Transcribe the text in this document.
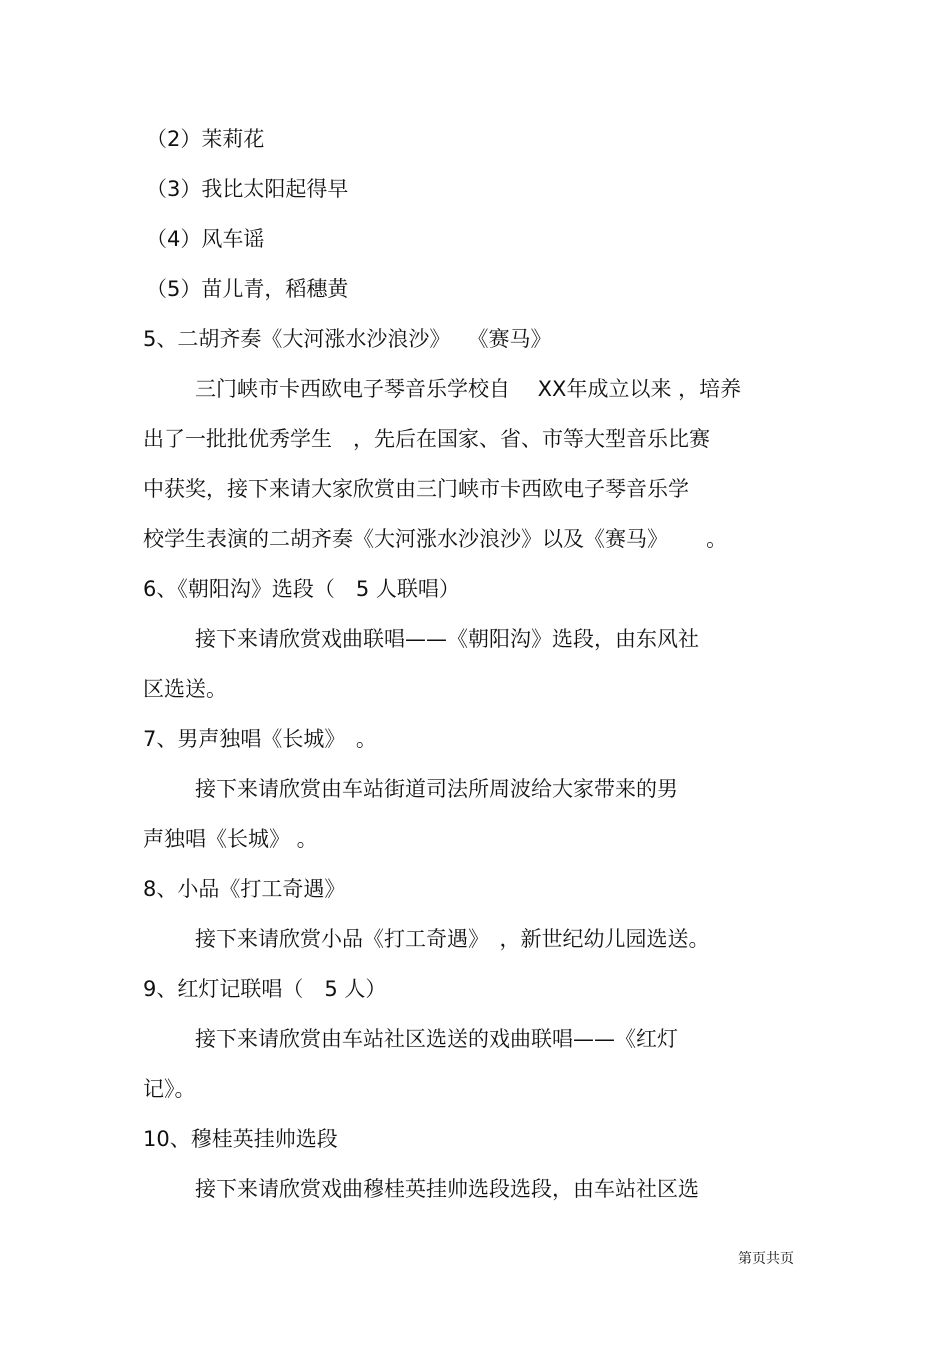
（2）茉莉花
（3）我比太阳起得早
（4）风车谣
（5）苗儿青，稻穗黄
5、二胡齐奏《大河涨水沙浪沙》　 《赛马》
三门峡市卡西欧电子琴音乐学校自　 XX年成立以来 ，培养
出了一批批优秀学生　，先后在国家、省、市等大型音乐比赛
中获奖，接下来请大家欣赏由三门峡市卡西欧电子琴音乐学
校学生表演的二胡齐奏《大河涨水沙浪沙》以及《赛马》　　 。
6、《朝阳沟》选段（　5 人联唱）
接下来请欣赏戏曲联唱——《朝阳沟》选段，由东风社
区选送。
7、男声独唱《长城》　。
接下来请欣赏由车站街道司法所周波给大家带来的男
声独唱《长城》 。
8、小品《打工奇遇》
接下来请欣赏小品《打工奇遇》　，新世纪幼儿园选送。
9、红灯记联唱（　5 人）
接下来请欣赏由车站社区选送的戏曲联唱——《红灯
记》。
10、穆桂英挂帅选段
接下来请欣赏戏曲穆桂英挂帅选段选段，由车站社区选
第页共页
